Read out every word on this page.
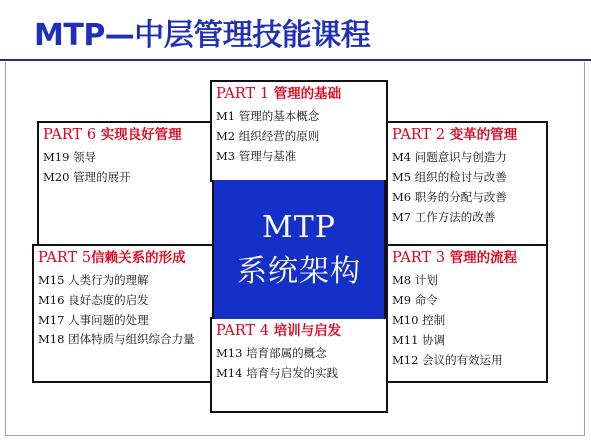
MTP—中层管理技能课程
PART 6 实现良好管理
M19 领导
M20 管理的展开
PART 5信赖关系的形成
M15 人类行为的理解
M16 良好态度的启发
M17 人事问题的处理
M18 团体特质与组织综合力量
PART 2 变革的管理
M4 问题意识与创造力
M5 组织的检讨与改善
M6 职务的分配与改善
M7 工作方法的改善
PART 3 管理的流程
M8 计划
M9 命令
M10 控制
M11 协调
M12 会议的有效运用
PART 1 管理的基础
M1 管理的基本概念
M2 组织经营的原则
M3 管理与基准
PART 4 培训与启发
M13 培育部属的概念
M14 培育与启发的实践
MTP
系统架构
